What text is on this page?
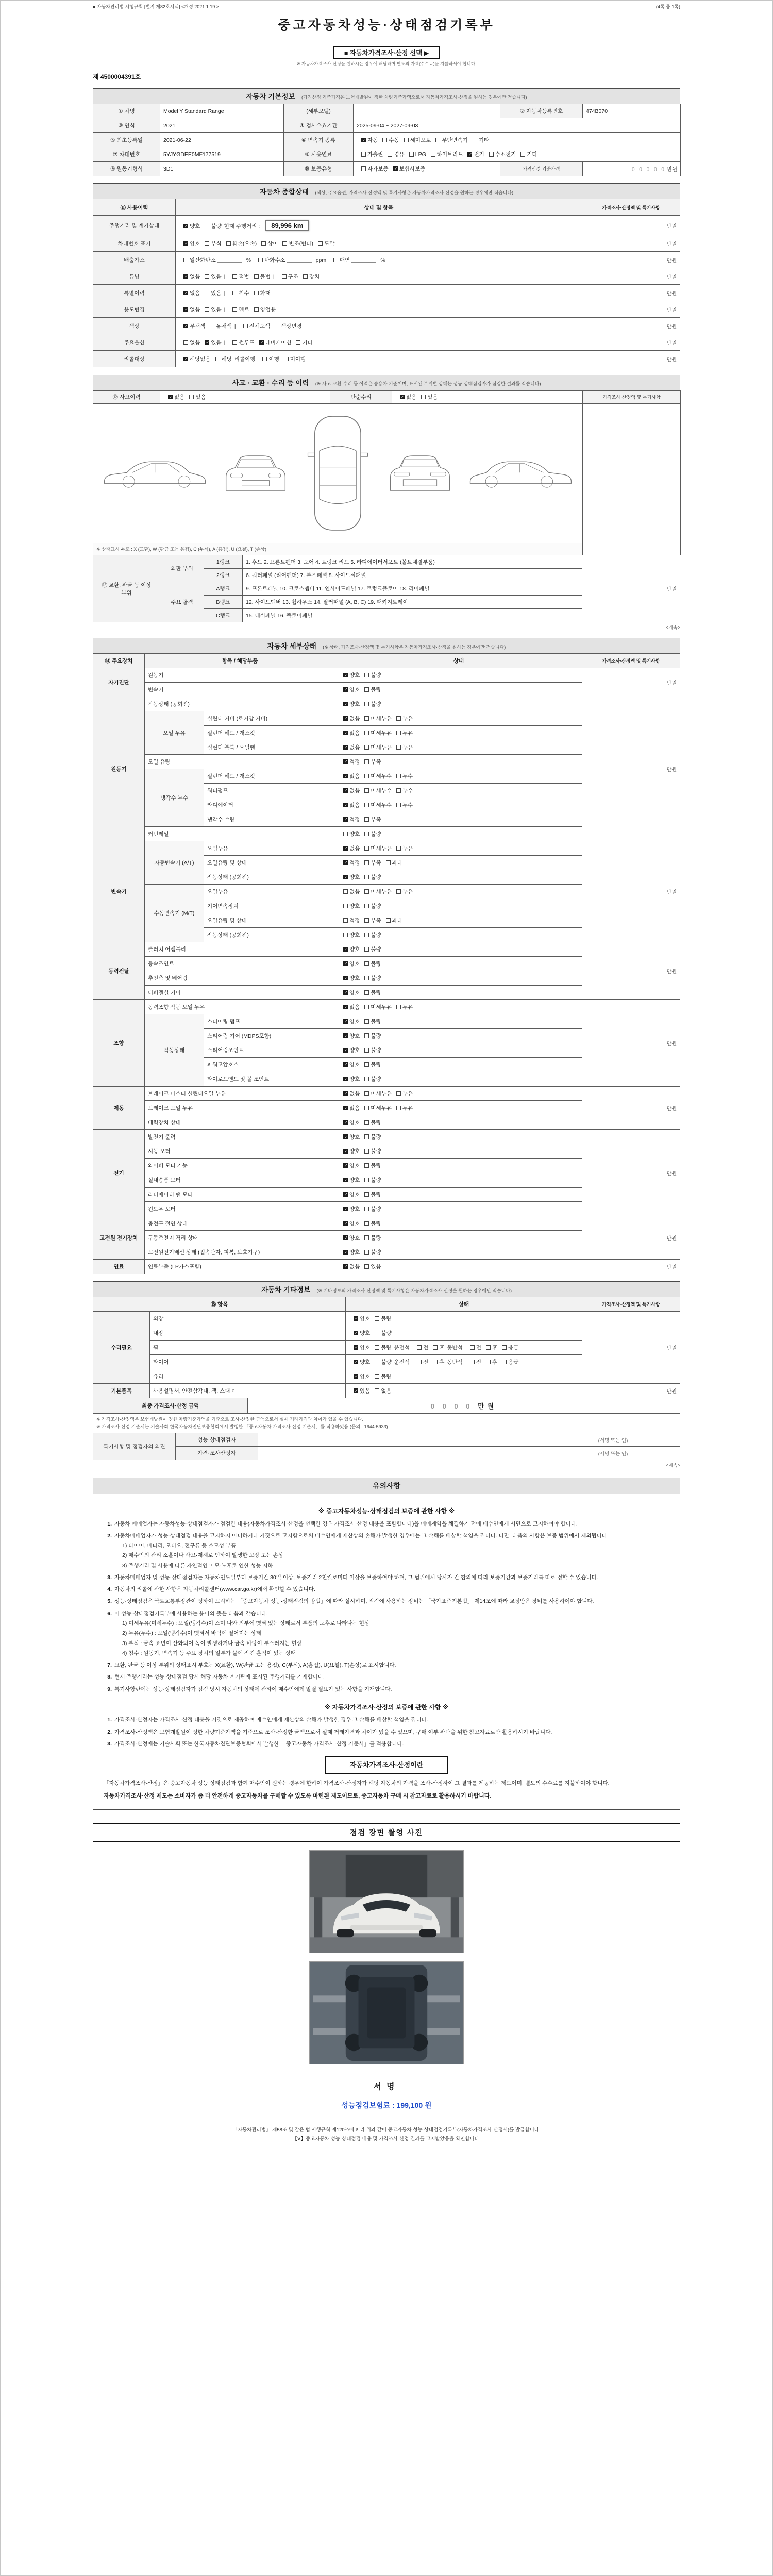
■ 자동차관리법 시행규칙 [별지 제82호서식] <개정 2021.1.19.>	(4쪽 중 1쪽)
중고자동차성능·상태점검기록부

■ 자동차가격조사·산정 선택 ▶
※ 자동차가격조사·산정을 원하시는 경우에 해당하며 별도의 가격(수수료)을 지불하셔야 합니다.
제 4500004391호
자동차 기본정보 (가격산정 기준가격은 보험개발원이 정한 차량기준가액으로서 자동차가격조사·산정을 원하는 경우에만 적습니다)
① 차명	Model Y Standard Range	(세부모델)		② 자동차등록번호	474B070
③ 연식	2021	④ 검사유효기간	2025-09-04 ~ 2027-09-03		
⑤ 최초등록일	2021-06-22	⑥ 변속기 종류	✓자동 수동 세미오토 무단변속기 기타
⑦ 차대번호	5YJYGDEE0MF177519	⑧ 사용연료	가솔린 경유 LPG 하이브리드 ✓ 전기 수소전기 기타
⑨ 원동기형식	3D1	⑩ 보증유형	자가보증 ✓ 보험사보증	가격산정 기준가격	0 0 0 0 0 만원
자동차 종합상태 (색상, 주요옵션, 가격조사·산정액 및 특기사항은 자동차가격조사·산정을 원하는 경우에만 적습니다)
⑪ 사용이력	상태 및 항목	가격조사·산정액 및 특기사항
주행거리 및 계기상태	✓양호 불량 현재 주행거리 : 89,996 km	만원
차대번호 표기	✓양호 부식 훼손(오손) 상이 변조(변타) 도말	만원
배출가스	일산화탄소 % 탄화수소 ppm 매연 %	만원
튜닝	✓없음 있음 | 적법 불법 | 구조 장치	만원
특별이력	✓없음 있음 | 침수 화재	만원
용도변경	✓없음 있음 | 렌트 영업용	만원
색상	✓무채색 유채색 | 전체도색 색상변경	만원
주요옵션	없음 ✓ 있음 | 썬루프 ✓ 네비게이션 기타	만원
리콜대상	✓해당없음 해당 리콜이행 이행 미이행	만원
사고 · 교환 · 수리 등 이력 (※ 사고·교환·수리 등 이력은 승용차 기준이며, 표시된 부위별 상태는 성능·상태점검자가 점검한 결과를 적습니다)
⑫ 사고이력	✓없음 있음	단순수리	✓없음 있음	가격조사·산정액 및 특기사항

※ 상태표시 부호 : X (교환), W (판금 또는 용접), C (부식), A (흠집), U (요철), T (손상)
⑬ 교환, 판금 등 이상 부위	외판 부위	1랭크	1. 후드 2. 프론트펜더 3. 도어 4. 트렁크 리드 5. 라디에이터서포트 (볼트체결부품)	만원
		2랭크	6. 쿼터패널 (리어펜더) 7. 루프패널 8. 사이드실패널	
	주요 골격	A랭크	9. 프론트패널 10. 크로스멤버 11. 인사이드패널 17. 트렁크플로어 18. 리어패널	
		B랭크	12. 사이드멤버 13. 휠하우스 14. 필러패널 (A, B, C) 19. 패키지트레이	
		C랭크	15. 대쉬패널 16. 플로어패널	
<계속>
자동차 세부상태 (※ 상태, 가격조사·산정액 및 특기사항은 자동차가격조사·산정을 원하는 경우에만 적습니다)
⑭ 주요장치	항목 / 해당부품		상태	가격조사·산정액 및 특기사항
자기진단	원동기	✓양호 불량	만원
	변속기	✓양호 불량
원동기	작동상태 (공회전)	✓양호 불량	만원
	오일 누유	실린더 커버 (로커암 커버)	✓없음 미세누유 누유
		실린더 헤드 / 개스킷	✓없음 미세누유 누유
		실린더 블록 / 오일팬	✓없음 미세누유 누유
	오일 유량	✓적정 부족
	냉각수 누수	실린더 헤드 / 개스킷	✓없음 미세누수 누수
		워터펌프	✓없음 미세누수 누수
		라디에이터	✓없음 미세누수 누수
		냉각수 수량	✓적정 부족
	커먼레일		양호 불량	
변속기	자동변속기 (A/T)	오일누유	✓없음 미세누유 누유	만원
		오일유량 및 상태	✓적정 부족 과다
		작동상태 (공회전)	✓양호 불량
	수동변속기 (M/T)	오일누유	없음 미세누유 누유	
		기어변속장치	양호 불량	
		오일유량 및 상태	적정 부족 과다	
		작동상태 (공회전)	양호 불량	
동력전달	클러치 어셈블리	✓양호 불량	만원
	등속조인트	✓양호 불량
	추진축 및 베어링	✓양호 불량
	디퍼렌셜 기어	✓양호 불량
조향	동력조향 작동 오일 누유	✓없음 미세누유 누유	만원
	작동상태	스티어링 펌프	✓양호 불량
		스티어링 기어 (MDPS포함)	✓양호 불량
		스티어링조인트	✓양호 불량
		파워고압호스	✓양호 불량
		타이로드엔드 및 볼 조인트	✓양호 불량
제동	브레이크 마스터 실린더오일 누유	✓없음 미세누유 누유	만원
	브레이크 오일 누유	✓없음 미세누유 누유
	배력장치 상태	✓양호 불량
전기	발전기 출력	✓양호 불량	만원
	시동 모터	✓양호 불량
	와이퍼 모터 기능	✓양호 불량
	실내송풍 모터	✓양호 불량
	라디에이터 팬 모터	✓양호 불량
	윈도우 모터	✓양호 불량
고전원 전기장치	충전구 절연 상태	✓양호 불량	만원
	구동축전지 격리 상태	✓양호 불량
	고전원전기배선 상태 (접속단자, 피복, 보호기구)	✓양호 불량
연료	연료누출 (LP가스포함)	✓없음 있음	만원
자동차 기타정보 (※ 기타정보의 가격조사·산정액 및 특기사항은 자동차가격조사·산정을 원하는 경우에만 적습니다)
⑮ 항목		상태	가격조사·산정액 및 특기사항
수리필요	외장	✓양호 불량	만원
	내장	✓양호 불량
	휠	✓양호 불량 운전석 전 후 동반석 전 후 응급
	타이어	✓양호 불량 운전석 전 후 동반석 전 후 응급
	유리	✓양호 불량
기본품목	사용설명서, 안전삼각대, 잭, 스패너	✓있음 없음	만원
최종 가격조사·산정 금액	0 0 0 0 만원
※ 가격조사·산정액은 보험개발원이 정한 차량기준가액을 기준으로 조사·산정한 금액으로서 실제 거래가격과 차이가 있을 수 있습니다.
※ 가격조사·산정 기준서는 기술사회·한국자동차진단보증협회에서 발행한 「중고자동차 가격조사·산정 기준서」를 적용하였음 (문의 : 1644-5933)
특기사항 및 점검자의 의견	성능·상태점검자		(서명 또는 인)
	가격·조사산정자		(서명 또는 인)
<계속>
유의사항
※ 중고자동차성능·상태점검의 보증에 관한 사항 ※
1. 자동차 매매업자는 자동차성능·상태점검자가 점검한 내용(자동차가격조사·산정을 선택한 경우 가격조사·산정 내용을 포함합니다)을 매매계약을 체결하기 전에 매수인에게 서면으로 고지하여야 합니다.
2. 자동차매매업자가 성능·상태점검 내용을 고지하지 아니하거나 거짓으로 고지함으로써 매수인에게 재산상의 손해가 발생한 경우에는 그 손해를 배상할 책임을 집니다. 다만, 다음의 사항은 보증 범위에서 제외됩니다.
1) 타이어, 배터리, 오디오, 전구류 등 소모성 부품
2) 매수인의 관리 소홀이나 사고·재해로 인하여 발생한 고장 또는 손상
3) 주행거리 및 사용에 따른 자연적인 마모·노후로 인한 성능 저하
3. 자동차매매업자 및 성능·상태점검자는 자동차인도일부터 보증기간 30일 이상, 보증거리 2천킬로미터 이상을 보증하여야 하며, 그 범위에서 당사자 간 합의에 따라 보증기간과 보증거리를 따로 정할 수 있습니다.
4. 자동차의 리콜에 관한 사항은 자동차리콜센터(www.car.go.kr)에서 확인할 수 있습니다.
5. 성능·상태점검은 국토교통부장관이 정하여 고시하는 「중고자동차 성능·상태점검의 방법」에 따라 실시하며, 점검에 사용하는 장비는 「국가표준기본법」 제14조에 따라 교정받은 장비를 사용하여야 합니다.
6. 이 성능·상태점검기록부에 사용하는 용어의 뜻은 다음과 같습니다.
1) 미세누유(미세누수) : 오일(냉각수)이 스며 나와 외부에 맺혀 있는 상태로서 부품의 노후로 나타나는 현상
2) 누유(누수) : 오일(냉각수)이 맺혀서 바닥에 떨어지는 상태
3) 부식 : 금속 표면이 산화되어 녹이 발생하거나 금속 바탕이 부스러지는 현상
4) 침수 : 원동기, 변속기 등 주요 장치의 일부가 물에 잠긴 흔적이 있는 상태
7. 교환, 판금 등 이상 부위의 상태표시 부호는 X(교환), W(판금 또는 용접), C(부식), A(흠집), U(요철), T(손상)로 표시합니다.
8. 현재 주행거리는 성능·상태점검 당시 해당 자동차 계기판에 표시된 주행거리를 기재합니다.
9. 특기사항란에는 성능·상태점검자가 점검 당시 자동차의 상태에 관하여 매수인에게 알릴 필요가 있는 사항을 기재합니다.
※ 자동차가격조사·산정의 보증에 관한 사항 ※
1. 가격조사·산정자는 가격조사·산정 내용을 거짓으로 제공하여 매수인에게 재산상의 손해가 발생한 경우 그 손해를 배상할 책임을 집니다.
2. 가격조사·산정액은 보험개발원이 정한 차량기준가액을 기준으로 조사·산정한 금액으로서 실제 거래가격과 차이가 있을 수 있으며, 구매 여부 판단을 위한 참고자료로만 활용하시기 바랍니다.
3. 가격조사·산정에는 기술사회 또는 한국자동차진단보증협회에서 발행한 「중고자동차 가격조사·산정 기준서」를 적용합니다.
자동차가격조사·산정이란
「자동차가격조사·산정」은 중고자동차 성능·상태점검과 함께 매수인이 원하는 경우에 한하여 가격조사·산정자가 해당 자동차의 가격을 조사·산정하여 그 결과를 제공하는 제도이며, 별도의 수수료를 지불하여야 합니다.
자동차가격조사·산정 제도는 소비자가 좀 더 안전하게 중고자동차를 구매할 수 있도록 마련된 제도이므로, 중고자동차 구매 시 참고자료로 활용하시기 바랍니다.
점검 장면 촬영 사진
서명
성능점검보험료 : 199,100 원
「자동차관리법」 제58조 및 같은 법 시행규칙 제120조에 따라 위와 같이 중고자동차 성능·상태점검기록부(자동차가격조사·산정서)를 발급합니다.
【Ⅴ】중고자동차 성능·상태점검 내용 및 가격조사·산정 결과를 고지받았음을 확인합니다.
